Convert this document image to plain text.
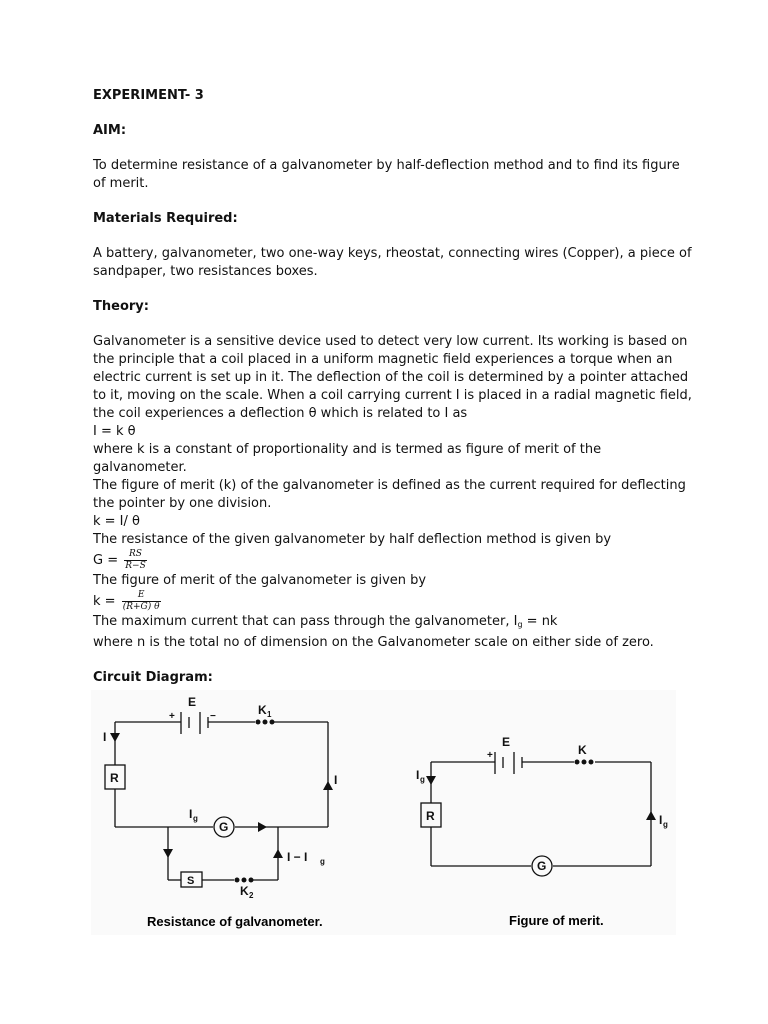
EXPERIMENT- 3

AIM:

To determine resistance of a galvanometer by half-deflection method and to find its figure of merit.

Materials Required:

A battery, galvanometer, two one-way keys, rheostat, connecting wires (Copper), a piece of sandpaper, two resistances boxes.

Theory:

Galvanometer is a sensitive device used to detect very low current. Its working is based on the principle that a coil placed in a uniform magnetic field experiences a torque when an electric current is set up in it. The deflection of the coil is determined by a pointer attached to it, moving on the scale. When a coil carrying current I is placed in a radial magnetic field, the coil experiences a deflection θ which is related to I as

I = k θ

where k is a constant of proportionality and is termed as figure of merit of the galvanometer.

The figure of merit (k) of the galvanometer is defined as the current required for deflecting the pointer by one division.

k = I/ θ

The resistance of the given galvanometer by half deflection method is given by

$G = \frac{RS}{R-S}$

The figure of merit of the galvanometer is given by

$k = \frac{E}{(R+G) \theta}$

The maximum current that can pass through the galvanometer, $I_g$ = nk

where n is the total no of dimension on the Galvanometer scale on either side of zero.

Circuit Diagram:

E
+	−	K 1
I
I
R
G
I g
I − I g
S
K 2
E
+	K
I g
R
G
I g
Resistance of galvanometer.	Figure of merit.
